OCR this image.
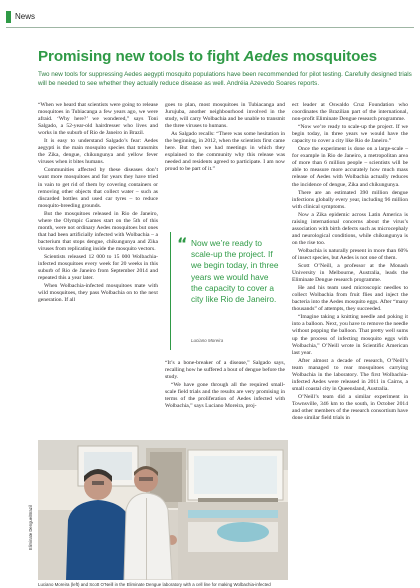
News
Promising new tools to fight Aedes mosquitoes

Two new tools for suppressing Aedes aegypti mosquito populations have been recommended for pilot testing. Carefully designed trials will be needed to see whether they actually reduce disease as well. Andréia Azevedo Soares reports.

“When we heard that scientists were going to release mosquitoes in Tubiacanga a few years ago, we were afraid. ‘Why here?’ we wondered,” says Toni Salgado, a 52-year-old hairdresser who lives and works in the suburb of Rio de Janeiro in Brazil.

It is easy to understand Salgado’s fear: Aedes aegypti is the main mosquito species that transmits the Zika, dengue, chikungunya and yellow fever viruses when it bites humans.

Communities affected by these diseases don’t want more mosquitoes and for years they have tried in vain to get rid of them by covering containers or removing other objects that collect water – such as discarded bottles and used car tyres – to reduce mosquito-breeding grounds.

But the mosquitoes released in Rio de Janeiro, where the Olympic Games start on the 5th of this month, were not ordinary Aedes mosquitoes but ones that had been artificially infected with Wolbachia – a bacterium that stops dengue, chikungunya and Zika viruses from replicating inside the mosquito vectors.

Scientists released 12 000 to 15 000 Wolbachia-infected mosquitoes every week for 20 weeks in this suburb of Rio de Janeiro from September 2014 and repeated this a year later.

When Wolbachia-infected mosquitoes mate with wild mosquitoes, they pass Wolbachia on to the next generation. If all

goes to plan, most mosquitoes in Tubiacanga and Jurujuba, another neighbourhood involved in the study, will carry Wolbachia and be unable to transmit the three viruses to humans.

As Salgado recalls: “There was some hesitation in the beginning, in 2012, when the scientists first came here. But then we had meetings in which they explained to the community why this release was needed and residents agreed to participate. I am now proud to be part of it.”

“ Now we’re ready to scale-up the project. If we begin today, in three years we would have the capacity to cover a city like Rio de Janeiro.
Luciano Moreira

“It’s a bone-breaker of a disease,” Salgado says, recalling how he suffered a bout of dengue before the study.

“We have gone through all the required small-scale field trials and the results are very promising in terms of the proliferation of Aedes infected with Wolbachia,” says Luciano Moreira, proj-

ect leader at Oswaldo Cruz Foundation who coordinates the Brazilian part of the international, non-profit Eliminate Dengue research programme.

“Now we’re ready to scale-up the project. If we begin today, in three years we would have the capacity to cover a city like Rio de Janeiro.”

Once the experiment is done on a large-scale – for example in Rio de Janeiro, a metropolitan area of more than 6 million people – scientists will be able to measure more accurately how much mass release of Aedes with Wolbachia actually reduces the incidence of dengue, Zika and chikungunya.

There are an estimated 390 million dengue infections globally every year, including 96 million with clinical symptoms.

Now a Zika epidemic across Latin America is raising international concerns about the virus’s association with birth defects such as microcephaly and neurological conditions, while chikungunya is on the rise too.

Wolbachia is naturally present in more than 60% of insect species, but Aedes is not one of them.

Scott O’Neill, a professor at the Monash University in Melbourne, Australia, leads the Eliminate Dengue research programme.

He and his team used microscopic needles to collect Wolbachia from fruit flies and inject the bacteria into the Aedes mosquito eggs. After “many thousands” of attempts, they succeeded.

“Imagine taking a knitting needle and poking it into a balloon. Next, you have to remove the needle without popping the balloon. That pretty well sums up the process of infecting mosquito eggs with Wolbachia,” O’Neill wrote in Scientific American last year.

After almost a decade of research, O’Neill’s team managed to rear mosquitoes carrying Wolbachia in the laboratory. The first Wolbachia-infected Aedes were released in 2011 in Cairns, a small coastal city in Queensland, Australia.

O’Neill’s team did a similar experiment in Townsville, 346 km to the south, in October 2014 and other members of the research consortium have done similar field trials in

Eliminate Dengue/Brazil
Luciano Moreira (left) and Scott O’Neill in the Eliminate Dengue laboratory with a cell line for making Wolbachia-infected
